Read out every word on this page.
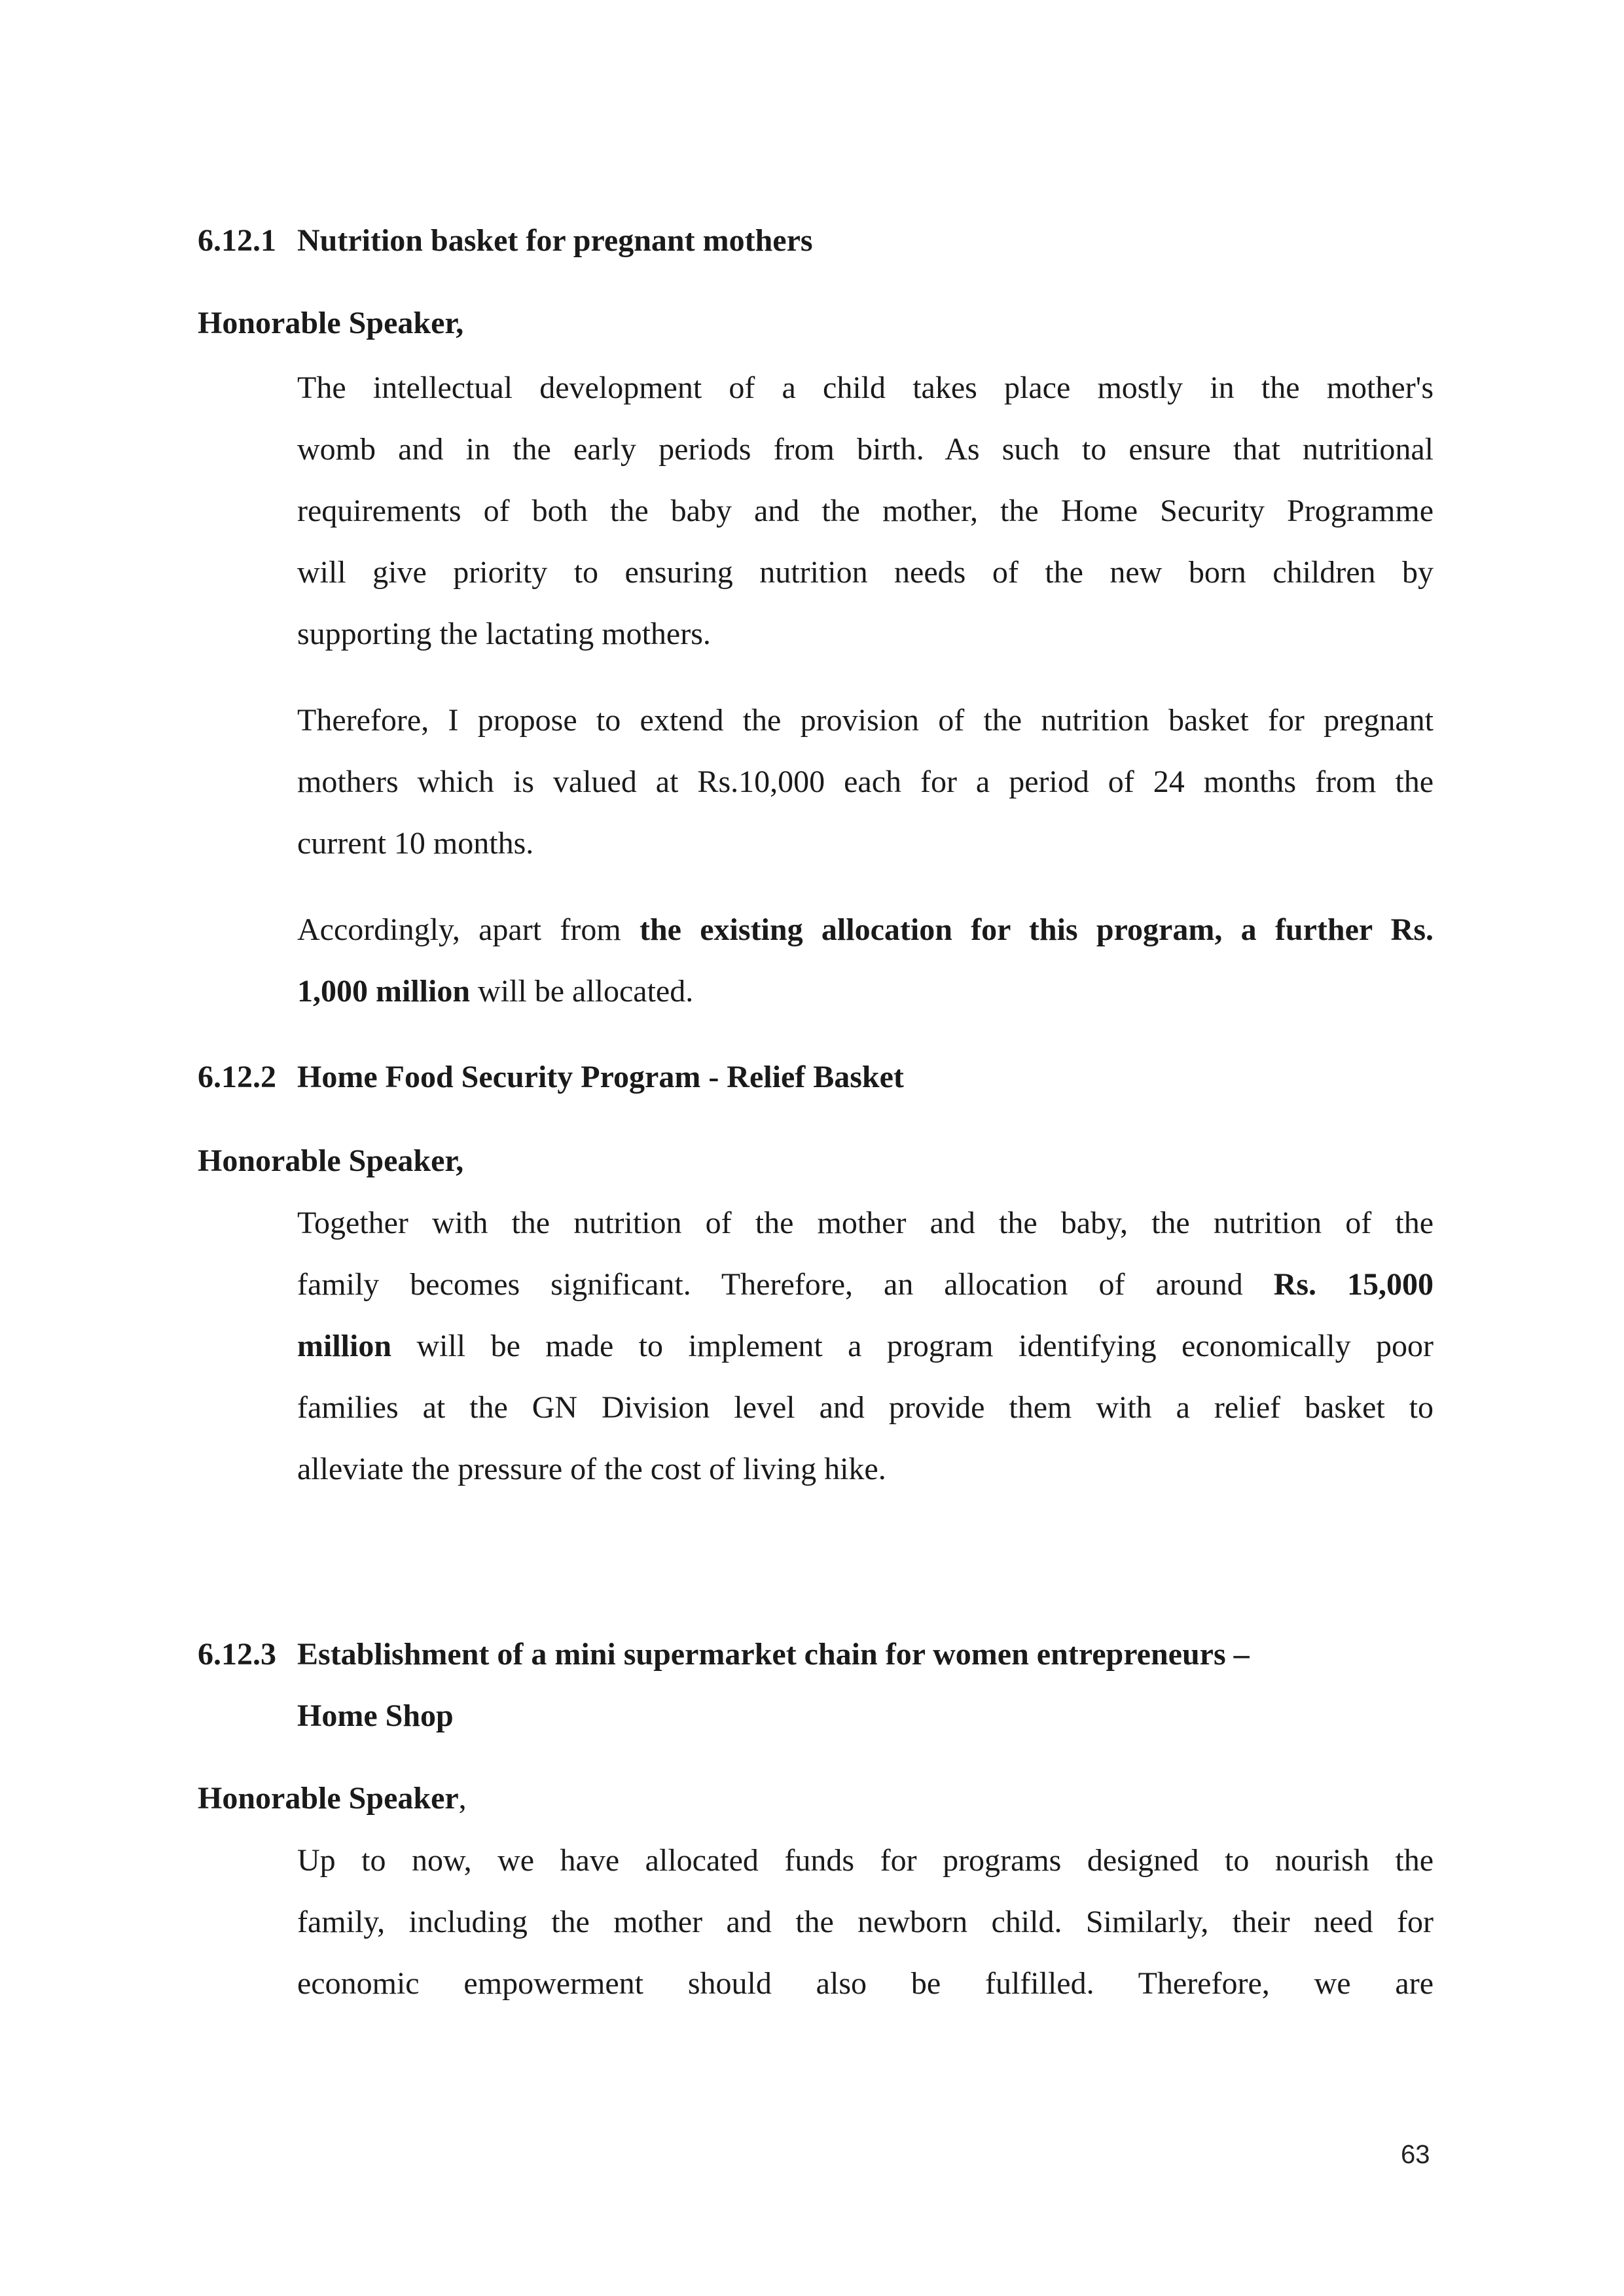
6.12.1 Nutrition basket for pregnant mothers
Honorable Speaker,
The intellectual development of a child takes place mostly in the mother's
womb and in the early periods from birth. As such to ensure that nutritional
requirements of both the baby and the mother, the Home Security Programme
will give priority to ensuring nutrition needs of the new born children by
supporting the lactating mothers.
Therefore, I propose to extend the provision of the nutrition basket for pregnant
mothers which is valued at Rs.10,000 each for a period of 24 months from the
current 10 months.
Accordingly, apart from the existing allocation for this program, a further Rs.
1,000 million will be allocated.
6.12.2 Home Food Security Program - Relief Basket
Honorable Speaker,
Together with the nutrition of the mother and the baby, the nutrition of the
family becomes significant. Therefore, an allocation of around Rs. 15,000
million will be made to implement a program identifying economically poor
families at the GN Division level and provide them with a relief basket to
alleviate the pressure of the cost of living hike.
6.12.3 Establishment of a mini supermarket chain for women entrepreneurs –
Home Shop
Honorable Speaker,
Up to now, we have allocated funds for programs designed to nourish the
family, including the mother and the newborn child. Similarly, their need for
economic empowerment should also be fulfilled. Therefore, we are
63
